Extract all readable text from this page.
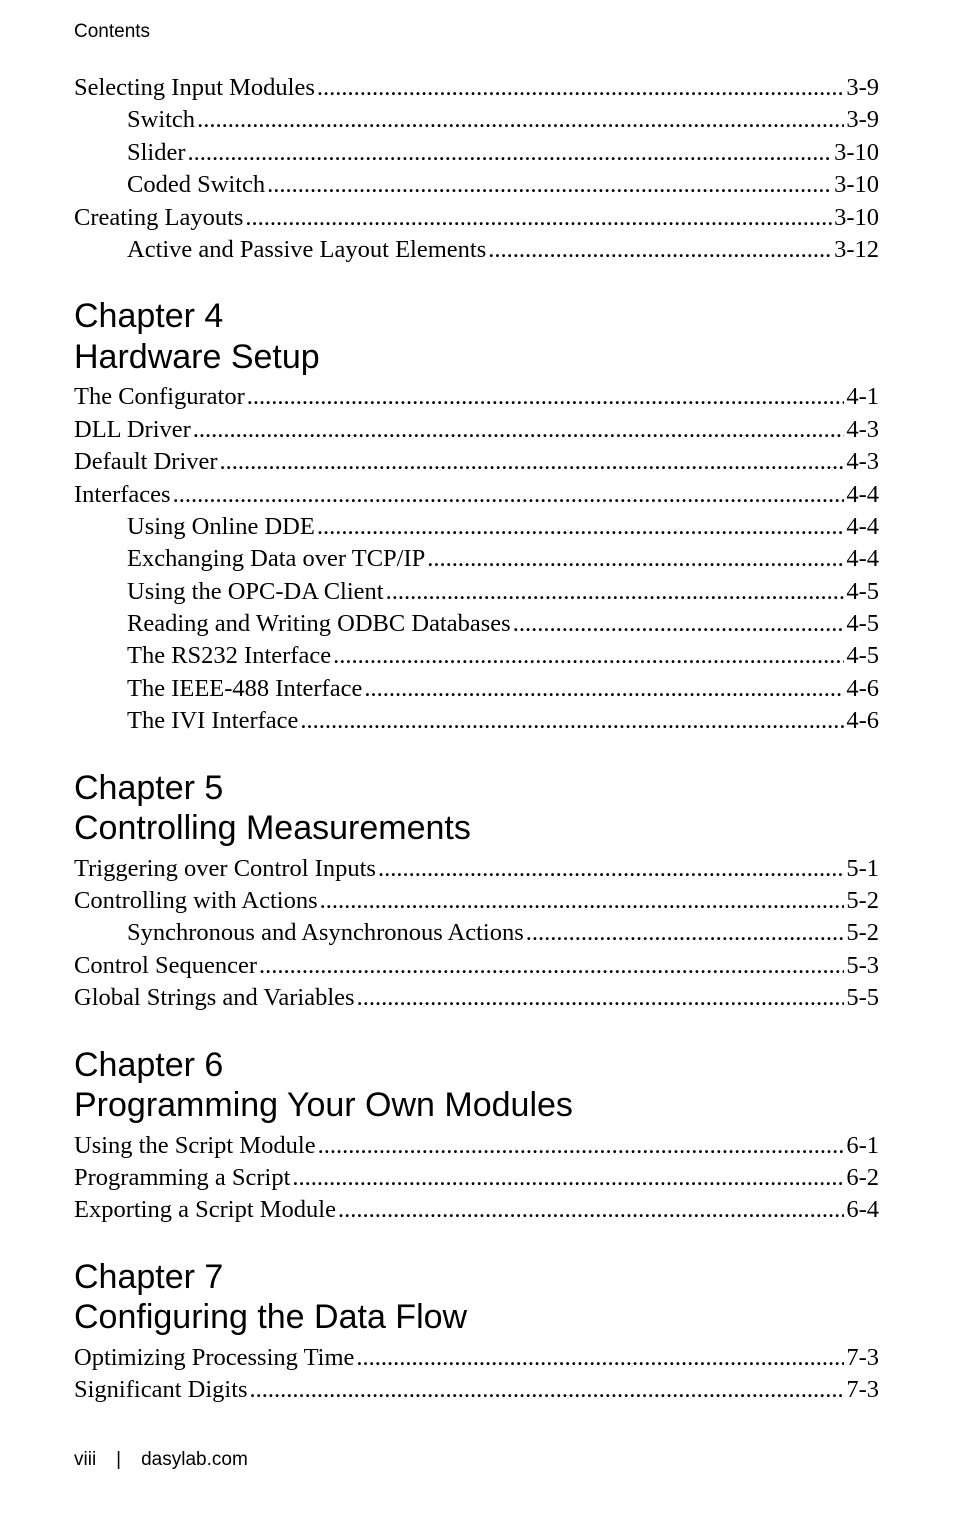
Contents
Selecting Input Modules .....	3-9
Switch .....	3-9
Slider .....	3-10
Coded Switch .....	3-10
Creating Layouts .....	3-10
Active and Passive Layout Elements .....	3-12
Chapter 4
Hardware Setup
The Configurator .....	4-1
DLL Driver .....	4-3
Default Driver .....	4-3
Interfaces .....	4-4
Using Online DDE .....	4-4
Exchanging Data over TCP/IP .....	4-4
Using the OPC-DA Client .....	4-5
Reading and Writing ODBC Databases .....	4-5
The RS232 Interface .....	4-5
The IEEE-488 Interface .....	4-6
The IVI Interface .....	4-6
Chapter 5
Controlling Measurements
Triggering over Control Inputs .....	5-1
Controlling with Actions .....	5-2
Synchronous and Asynchronous Actions .....	5-2
Control Sequencer .....	5-3
Global Strings and Variables .....	5-5
Chapter 6
Programming Your Own Modules
Using the Script Module .....	6-1
Programming a Script .....	6-2
Exporting a Script Module .....	6-4
Chapter 7
Configuring the Data Flow
Optimizing Processing Time .....	7-3
Significant Digits .....	7-3
viii | dasylab.com
